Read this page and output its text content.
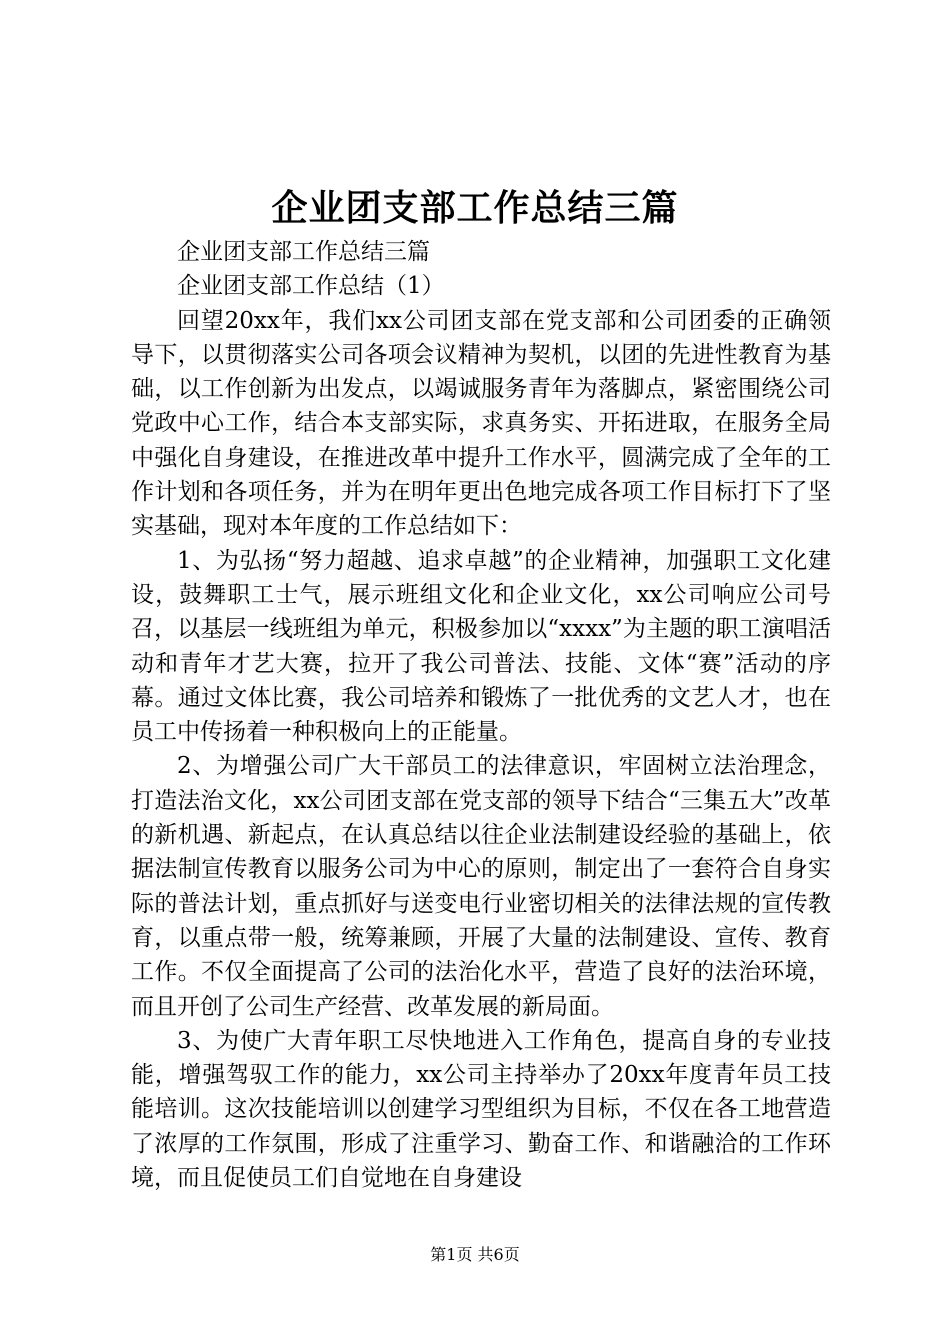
企业团支部工作总结三篇

企业团支部工作总结三篇

企业团支部工作总结（1）

回望20xx年，我们xx公司团支部在党支部和公司团委的正确领导下，以贯彻落实公司各项会议精神为契机，以团的先进性教育为基础，以工作创新为出发点，以竭诚服务青年为落脚点，紧密围绕公司党政中心工作，结合本支部实际，求真务实、开拓进取，在服务全局中强化自身建设，在推进改革中提升工作水平，圆满完成了全年的工作计划和各项任务，并为在明年更出色地完成各项工作目标打下了坚实基础，现对本年度的工作总结如下：

1、为弘扬“努力超越、追求卓越”的企业精神，加强职工文化建设，鼓舞职工士气，展示班组文化和企业文化，xx公司响应公司号召，以基层一线班组为单元，积极参加以“xxxx”为主题的职工演唱活动和青年才艺大赛，拉开了我公司普法、技能、文体“赛”活动的序幕。通过文体比赛，我公司培养和锻炼了一批优秀的文艺人才，也在员工中传扬着一种积极向上的正能量。

2、为增强公司广大干部员工的法律意识，牢固树立法治理念，打造法治文化，xx公司团支部在党支部的领导下结合“三集五大”改革的新机遇、新起点，在认真总结以往企业法制建设经验的基础上，依据法制宣传教育以服务公司为中心的原则，制定出了一套符合自身实际的普法计划，重点抓好与送变电行业密切相关的法律法规的宣传教育，以重点带一般，统筹兼顾，开展了大量的法制建设、宣传、教育工作。不仅全面提高了公司的法治化水平，营造了良好的法治环境，而且开创了公司生产经营、改革发展的新局面。

3、为使广大青年职工尽快地进入工作角色，提高自身的专业技能，增强驾驭工作的能力，xx公司主持举办了20xx年度青年员工技能培训。这次技能培训以创建学习型组织为目标，不仅在各工地营造了浓厚的工作氛围，形成了注重学习、勤奋工作、和谐融洽的工作环境，而且促使员工们自觉地在自身建设

第1页 共6页
